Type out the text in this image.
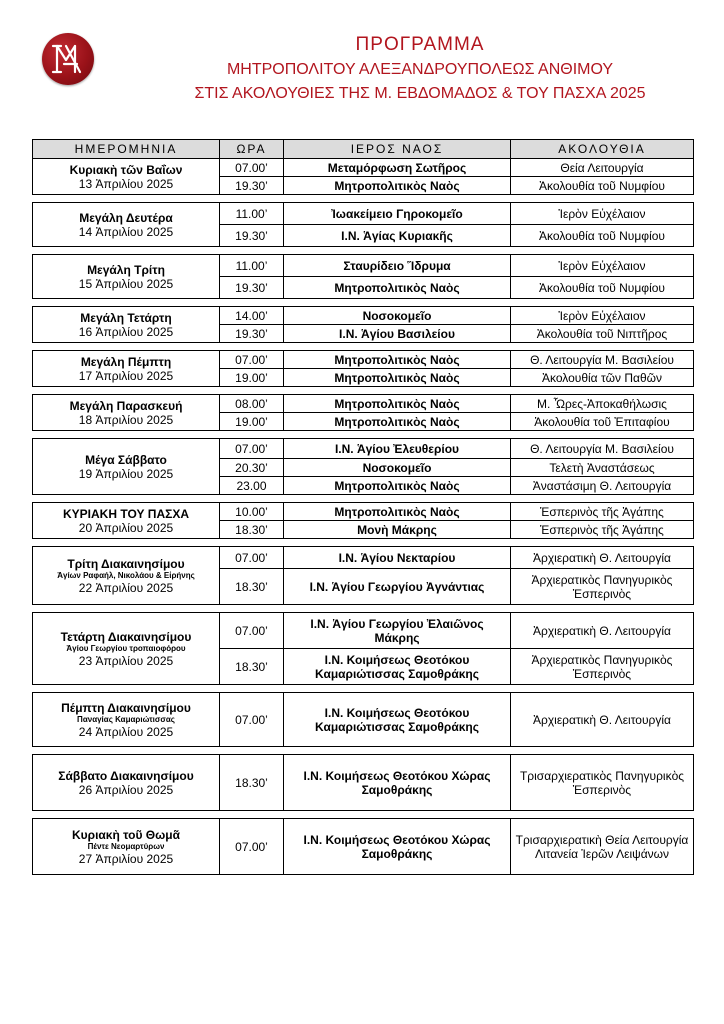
ΠΡΟΓΡΑΜΜΑ
ΜΗΤΡΟΠΟΛΙΤΟΥ ΑΛΕΞΑΝΔΡΟΥΠΟΛΕΩΣ ΑΝΘΙΜΟΥ
ΣΤΙΣ ΑΚΟΛΟΥΘΙΕΣ ΤΗΣ Μ. ΕΒΔΟΜΑΔΟΣ & ΤΟΥ ΠΑΣΧΑ 2025
ΗΜΕΡΟΜΗΝΙΑ	ΩΡΑ	ΙΕΡΟΣ ΝΑΟΣ	ΑΚΟΛΟΥΘΙΑ

Κυριακὴ τῶν Βαΐων
13 Ἀπριλίου 2025	07.00’	Μεταμόρφωση Σωτῆρος	Θεία Λειτουργία
	19.30’	Μητροπολιτικὸς Ναὸς	Ἀκολουθία τοῦ Νυμφίου

Μεγάλη Δευτέρα
14 Ἀπριλίου 2025	11.00’	Ἰωακείμειο Γηροκομεῖο	Ἱερὸν Εὐχέλαιον
	19.30’	Ι.Ν. Ἁγίας Κυριακῆς	Ἀκολουθία τοῦ Νυμφίου

Μεγάλη Τρίτη
15 Ἀπριλίου 2025	11.00’	Σταυρίδειο Ἵδρυμα	Ἱερὸν Εὐχέλαιον
	19.30’	Μητροπολιτικὸς Ναὸς	Ἀκολουθία τοῦ Νυμφίου

Μεγάλη Τετάρτη
16 Ἀπριλίου 2025	14.00’	Νοσοκομεῖο	Ἱερὸν Εὐχέλαιον
	19.30’	Ι.Ν. Ἁγίου Βασιλείου	Ἀκολουθία τοῦ Νιπτῆρος

Μεγάλη Πέμπτη
17 Ἀπριλίου 2025	07.00’	Μητροπολιτικὸς Ναὸς	Θ. Λειτουργία Μ. Βασιλείου
	19.00’	Μητροπολιτικὸς Ναὸς	Ἀκολουθία τῶν Παθῶν

Μεγάλη Παρασκευή
18 Ἀπριλίου 2025	08.00’	Μητροπολιτικὸς Ναὸς	Μ. Ὧρες-Ἀποκαθήλωσις
	19.00’	Μητροπολιτικὸς Ναὸς	Ἀκολουθία τοῦ Ἐπιταφίου

Μέγα Σάββατο
19 Ἀπριλίου 2025	07.00’	Ι.Ν. Ἁγίου Ἐλευθερίου	Θ. Λειτουργία Μ. Βασιλείου
	20.30’	Νοσοκομεῖο	Τελετὴ Ἀναστάσεως
	23.00	Μητροπολιτικὸς Ναὸς	Ἀναστάσιμη Θ. Λειτουργία

ΚΥΡΙΑΚΗ ΤΟΥ ΠΑΣΧΑ
20 Ἀπριλίου 2025	10.00’	Μητροπολιτικὸς Ναὸς	Ἑσπερινὸς τῆς Ἀγάπης
	18.30’	Μονὴ Μάκρης	Ἑσπερινὸς τῆς Ἀγάπης

Τρίτη Διακαινησίμου
Ἁγίων Ραφαήλ, Νικολάου & Εἰρήνης
22 Ἀπριλίου 2025	07.00’	Ι.Ν. Ἁγίου Νεκταρίου	Ἀρχιερατικὴ Θ. Λειτουργία
	18.30’	Ι.Ν. Ἁγίου Γεωργίου Ἀγνάντιας	Ἀρχιερατικὸς Πανηγυρικὸς Ἑσπερινὸς

Τετάρτη Διακαινησίμου
Ἁγίου Γεωργίου τροπαιοφόρου
23 Ἀπριλίου 2025	07.00’	Ι.Ν. Ἁγίου Γεωργίου Ἐλαιῶνος Μάκρης	Ἀρχιερατικὴ Θ. Λειτουργία
	18.30’	Ι.Ν. Κοιμήσεως Θεοτόκου Καμαριώτισσας Σαμοθράκης	Ἀρχιερατικὸς Πανηγυρικὸς Ἑσπερινὸς

Πέμπτη Διακαινησίμου
Παναγίας Καμαριώτισσας
24 Ἀπριλίου 2025	07.00’	Ι.Ν. Κοιμήσεως Θεοτόκου Καμαριώτισσας Σαμοθράκης	Ἀρχιερατικὴ Θ. Λειτουργία

Σάββατο Διακαινησίμου
26 Ἀπριλίου 2025	18.30’	Ι.Ν. Κοιμήσεως Θεοτόκου Χώρας Σαμοθράκης	Τρισαρχιερατικὸς Πανηγυρικὸς Ἑσπερινὸς

Κυριακὴ τοῦ Θωμᾶ
Πέντε Νεομαρτύρων
27 Ἀπριλίου 2025	07.00’	Ι.Ν. Κοιμήσεως Θεοτόκου Χώρας Σαμοθράκης	Τρισαρχιερατικὴ Θεία Λειτουργία Λιτανεία Ἱερῶν Λειψάνων
